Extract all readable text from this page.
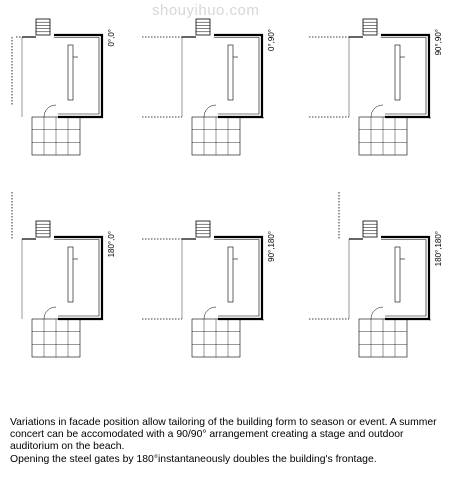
shouyihuo.com
0°,0°	0°,90°	90°,90°
180°,0°	90°,180°	180°,180°

Variations in facade position allow tailoring of the building form to season or event. A summer concert can be accomodated with a 90/90° arrangement creating a stage and outdoor auditorium on the beach.

Opening the steel gates by 180°instantaneously doubles the building's frontage.
